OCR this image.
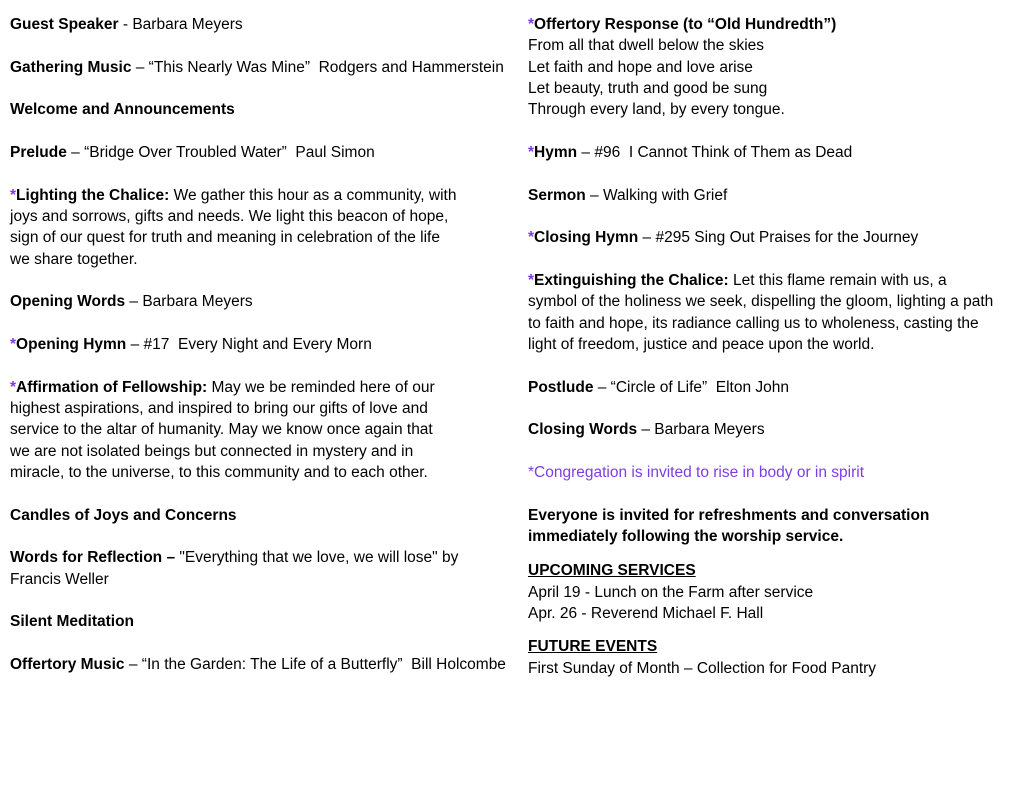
Guest Speaker - Barbara Meyers

Gathering Music – “This Nearly Was Mine”  Rodgers and Hammerstein

Welcome and Announcements

Prelude – “Bridge Over Troubled Water”  Paul Simon

*Lighting the Chalice: We gather this hour as a community, with
joys and sorrows, gifts and needs. We light this beacon of hope,
sign of our quest for truth and meaning in celebration of the life
we share together.

Opening Words – Barbara Meyers

*Opening Hymn – #17  Every Night and Every Morn

*Affirmation of Fellowship: May we be reminded here of our
highest aspirations, and inspired to bring our gifts of love and
service to the altar of humanity. May we know once again that
we are not isolated beings but connected in mystery and in
miracle, to the universe, to this community and to each other.

Candles of Joys and Concerns

Words for Reflection – "Everything that we love, we will lose" by
Francis Weller

Silent Meditation

Offertory Music – “In the Garden: The Life of a Butterfly”  Bill Holcombe

*Offertory Response (to “Old Hundredth”)
From all that dwell below the skies
Let faith and hope and love arise
Let beauty, truth and good be sung
Through every land, by every tongue.

*Hymn – #96  I Cannot Think of Them as Dead

Sermon – Walking with Grief

*Closing Hymn – #295 Sing Out Praises for the Journey

*Extinguishing the Chalice: Let this flame remain with us, a
symbol of the holiness we seek, dispelling the gloom, lighting a path
to faith and hope, its radiance calling us to wholeness, casting the
light of freedom, justice and peace upon the world.

Postlude – “Circle of Life”  Elton John

Closing Words – Barbara Meyers

*Congregation is invited to rise in body or in spirit

Everyone is invited for refreshments and conversation
immediately following the worship service.

UPCOMING SERVICES
April 19 - Lunch on the Farm after service
Apr. 26 - Reverend Michael F. Hall

FUTURE EVENTS
First Sunday of Month – Collection for Food Pantry
